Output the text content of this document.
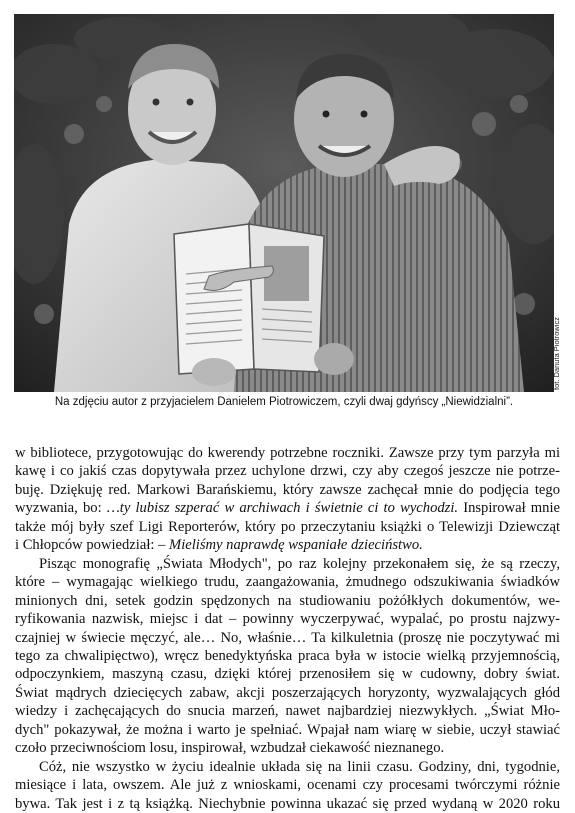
fot. Danuta Piotrowicz
Na zdjęciu autor z przyjacielem Danielem Piotrowiczem, czyli dwaj gdyńscy „Niewidzialni”.
w bibliotece, przygotowując do kwerendy potrzebne roczniki. Zawsze przy tym parzyła mi
kawę i co jakiś czas dopytywała przez uchylone drzwi, czy aby czegoś jeszcze nie potrze-
buję. Dziękuję red. Markowi Barańskiemu, który zawsze zachęcał mnie do podjęcia tego
wyzwania, bo: …ty lubisz szperać w archiwach i świetnie ci to wychodzi. Inspirował mnie
także mój były szef Ligi Reporterów, który po przeczytaniu książki o Telewizji Dziewcząt
i Chłopców powiedział: – Mieliśmy naprawdę wspaniałe dzieciństwo.
Pisząc monografię „Świata Młodych", po raz kolejny przekonałem się, że są rzeczy,
które – wymagając wielkiego trudu, zaangażowania, żmudnego odszukiwania świadków
minionych dni, setek godzin spędzonych na studiowaniu pożółkłych dokumentów, we-
ryfikowania nazwisk, miejsc i dat – powinny wyczerpywać, wypalać, po prostu najzwy-
czajniej w świecie męczyć, ale… No, właśnie… Ta kilkuletnia (proszę nie poczytywać mi
tego za chwalipięctwo), wręcz benedyktyńska praca była w istocie wielką przyjemnością,
odpoczynkiem, maszyną czasu, dzięki której przenosiłem się w cudowny, dobry świat.
Świat mądrych dziecięcych zabaw, akcji poszerzających horyzonty, wyzwalających głód
wiedzy i zachęcających do snucia marzeń, nawet najbardziej niezwykłych. „Świat Mło-
dych" pokazywał, że można i warto je spełniać. Wpajał nam wiarę w siebie, uczył stawiać
czoło przeciwnościom losu, inspirował, wzbudzał ciekawość nieznanego.
Cóż, nie wszystko w życiu idealnie układa się na linii czasu. Godziny, dni, tygodnie,
miesiące i lata, owszem. Ale już z wnioskami, ocenami czy procesami twórczymi różnie
bywa. Tak jest i z tą książką. Niechybnie powinna ukazać się przed wydaną w 2020 roku
